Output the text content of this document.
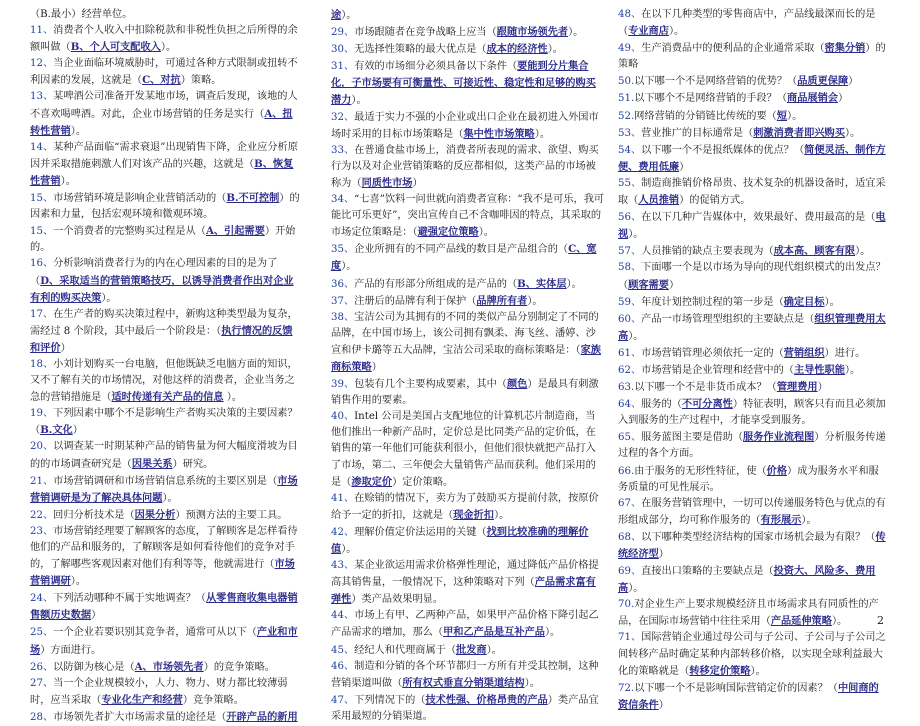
（B.最小）经营单位。

11、消费者个人收入中扣除税款和非税性负担之后所得的余额叫做（B、个人可支配收入）。

12、当企业面临环境威胁时，可通过各种方式限制或扭转不利因素的发展，这就是（C、对抗）策略。

13、某啤酒公司准备开发某地市场，调查后发现，该地的人不喜欢喝啤酒。对此，企业市场营销的任务是实行（A、扭转性营销）。

14、某种产品面临“需求衰退”出现销售下降，企业应分析原因并采取措施刺激人们对该产品的兴趣，这就是（B、恢复性营销）。

15、市场营销环境是影响企业营销活动的（B.不可控制）的因素和力量，包括宏观环境和微观环境。

15、一个消费者的完整购买过程是从（A、引起需要）开始的。

16、分析影响消费者行为的内在心理因素的目的是为了（D、采取适当的营销策略技巧，以诱导消费者作出对企业有利的购买决策）。

17、在生产者的购买决策过程中，新购这种类型最为复杂，需经过 8 个阶段，其中最后一个阶段是：（执行情况的反馈和评价）

18、小刘计划购买一台电脑，但他既缺乏电脑方面的知识，又不了解有关的市场情况，对他这样的消费者，企业当务之急的营销措施是（适时传递有关产品的信息 ）。

19、下列因素中哪个不是影响生产者购买决策的主要因素？（B.文化）

20、以调查某一时期某种产品的销售量为何大幅度滑坡为目的的市场调查研究是（因果关系）研究。

21、市场营销调研和市场营销信息系统的主要区别是（市场营销调研是为了解决具体问题）。

22、回归分析技术是（因果分析）预测方法的主要工具。

23、市场营销经理要了解顾客的态度，了解顾客是怎样看待他们的产品和服务的，了解顾客是如何看待他们的竞争对手的，了解哪些客观因素对他们有利等等，他就需进行（市场营销调研）。

24、下列活动哪种不属于实地调查？（从零售商收集电器销售额历史数据）

25、一个企业若要识别其竞争者，通常可从以下（产业和市场）方面进行。

26、以防御为核心是（A、市场领先者）的竞争策略。

27、当一个企业规模较小，人力、物力、财力都比较薄弱时，应当采取（专业化生产和经营）竞争策略。

28、市场领先者扩大市场需求量的途径是（开辟产品的新用

途）。

29、市场跟随者在竞争战略上应当（跟随市场领先者）。

30、无选择性策略的最大优点是（成本的经济性）。

31、有效的市场细分必须具备以下条件（要能到分片集合化，子市场要有可衡量性、可接近性、稳定性和足够的购买潜力）。

32、最适于实力不强的小企业或出口企业在最初进入外国市场时采用的目标市场策略是（集中性市场策略）。

33、在普通食盐市场上，消费者所表现的需求、欲望、购买行为以及对企业营销策略的反应都相似，这类产品的市场被称为（同质性市场）

34、“七喜”饮料一问世就向消费者宣称：“我不是可乐，我可能比可乐更好”，突出宣传自己不含咖啡因的特点，其采取的市场定位策略是：（避强定位策略）。

35、企业所拥有的不同产品线的数目是产品组合的（C、宽度）。

36、产品的有形部分所组成的是产品的（B、实体层）。

37、注册后的品牌有利于保护（品牌所有者）。

38、宝洁公司为其拥有的不同的类似产品分别制定了不同的品牌，在中国市场上，该公司拥有飘柔、海飞丝、潘婷、沙宣和伊卡璐等五大品牌，宝洁公司采取的商标策略是：（家族商标策略）

39、包装有几个主要构成要素，其中（颜色）是最具有刺激销售作用的要素。

40、Intel 公司是美国占支配地位的计算机芯片制造商，当他们推出一种新产品时，定价总是比同类产品的定价低，在销售的第一年他们可能获利很小，但他们很快就把产品打入了市场，第二、三年便会大量销售产品而获利。他们采用的是（渗取定价）定价策略。

41、在赊销的情况下，卖方为了鼓励买方提前付款，按原价给予一定的折扣，这就是（现金折扣）。

42、理解价值定价法运用的关键（找到比较准确的理解价值）。

43、某企业欲运用需求价格弹性理论，通过降低产品价格提高其销售量，一般情况下，这种策略对下列（产品需求富有弹性）类产品效果明显。

44、市场上有甲、乙两种产品，如果甲产品价格下降引起乙产品需求的增加，那么（甲和乙产品是互补产品）。

45、经纪人和代理商属于（批发商）。

46、制造和分销的各个环节都归一方所有并受其控制，这种营销渠道叫做（所有权式垂直分销渠道结构）。

47、下列情况下的（技术性强、价格昂贵的产品）类产品宜采用最短的分销渠道。

48、在以下几种类型的零售商店中，产品线最深而长的是（专业商店）。

49、生产消费品中的便利品的企业通常采取（密集分销）的策略

50.以下哪一个不是网络营销的优势？（品质更保障）

51.以下哪个不是网络营销的手段？（商品展销会）

52.网络营销的分销链比传统的要（短）。

53、营业推广的目标通常是（刺激消费者即兴购买）。

54、以下哪一个不是报纸媒体的优点？（简便灵活、制作方便、费用低廉）

55、制造商推销价格昂贵、技术复杂的机器设备时，适宜采取（人员推销）的促销方式。

56、在以下几种广告媒体中，效果最好、费用最高的是（电视）。

57、人员推销的缺点主要表现为（成本高、顾客有限）。

58、下面哪一个是以市场为导向的现代组织模式的出发点？（顾客需要）

59、年度计划控制过程的第一步是（确定目标）。

60、产品一市场管理型组织的主要缺点是（组织管理费用太高）。

61、市场营销管理必须依托一定的（营销组织）进行。

62、市场营销是企业管理和经营中的（主导性职能）。

63.以下哪一个不是非货币成本？（管理费用）

64、服务的（不可分离性）特征表明，顾客只有而且必须加入到服务的生产过程中，才能享受到服务。

65、服务蓝图主要是借助（服务作业流程图）分析服务传递过程的各个方面。

66.由于服务的无形性特征，使（价格）成为服务水平和服务质量的可见性展示。

67、在服务营销管理中，一切可以传递服务特色与优点的有形组成部分，均可称作服务的（有形展示）。

68、以下哪种类型经济结构的国家市场机会最为有限？（传统经济型）

69、直接出口策略的主要缺点是（投资大、风险多、费用高）。

70.对企业生产上要求规模经济且市场需求具有同质性的产品，在国际市场营销中往往采用（产品延伸策略）。

71、国际营销企业通过母公司与子公司、子公司与子公司之间转移产品时确定某种内部转移价格，以实现全球利益最大化的策略就是（转移定价策略）。

72.以下哪一个不是影响国际营销定价的因素？（中间商的资信条件）

2
